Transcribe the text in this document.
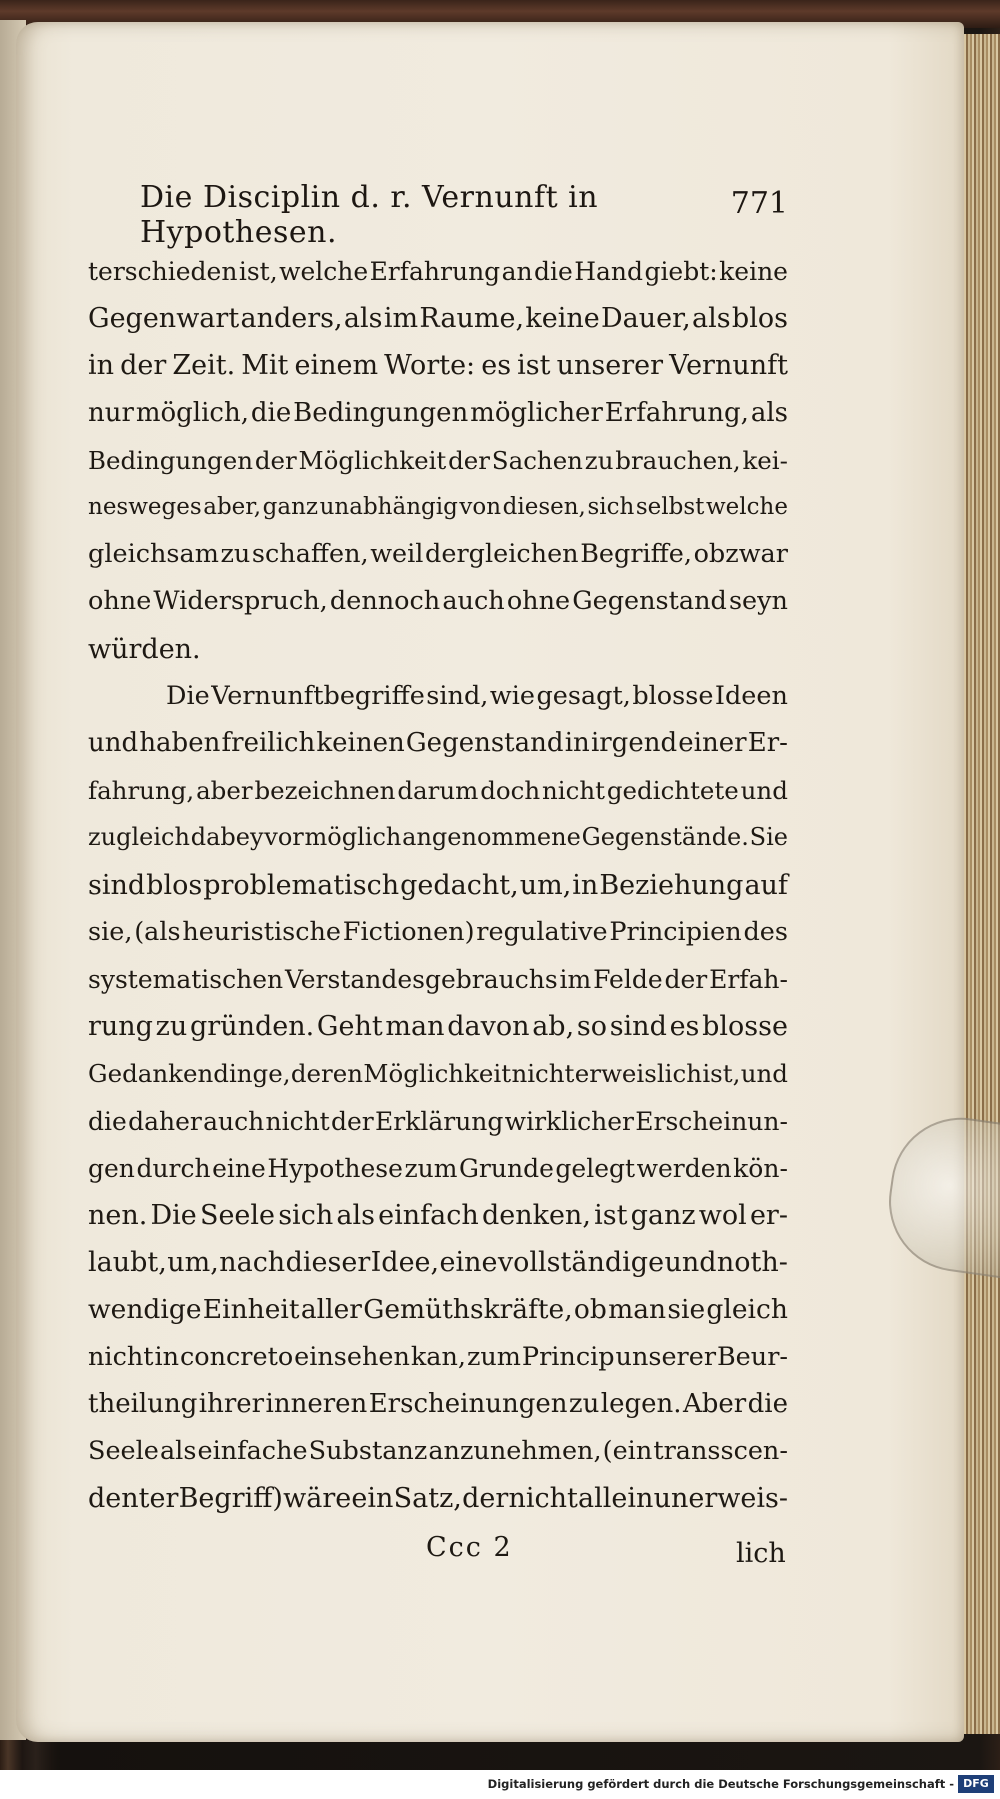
Die Disciplin d. r. Vernunft in Hypothesen.
771
terschieden ist, welche Erfahrung an die Hand giebt: keine
Gegenwart anders, als im Raume, keine Dauer, als blos
in der Zeit. Mit einem Worte: es ist unserer Vernunft
nur möglich, die Bedingungen möglicher Erfahrung, als
Bedingungen der Möglichkeit der Sachen zu brauchen, kei-
nesweges aber, ganz unabhängig von diesen, sich selbst welche
gleichsam zu schaffen, weil dergleichen Begriffe, obzwar
ohne Widerspruch, dennoch auch ohne Gegenstand seyn
würden.
Die Vernunftbegriffe sind, wie gesagt, blosse Ideen
und haben freilich keinen Gegenstand in irgend einer Er-
fahrung, aber bezeichnen darum doch nicht gedichtete und
zugleich dabey vor möglich angenommene Gegenstände. Sie
sind blos problematisch gedacht, um, in Beziehung auf
sie, (als heuristische Fictionen) regulative Principien des
systematischen Verstandesgebrauchs im Felde der Erfah-
rung zu gründen. Geht man davon ab, so sind es blosse
Gedankendinge, deren Möglichkeit nicht erweislich ist, und
die daher auch nicht der Erklärung wirklicher Erscheinun-
gen durch eine Hypothese zum Grunde gelegt werden kön-
nen. Die Seele sich als einfach denken, ist ganz wol er-
laubt, um, nach dieser Idee, eine vollständige und noth-
wendige Einheit aller Gemüthskräfte, ob man sie gleich
nicht in concreto einsehen kan, zum Princip unserer Beur-
theilung ihrer inneren Erscheinungen zu legen. Aber die
Seele als einfache Substanz anzunehmen, (ein transscen-
denter Begriff) wäre ein Satz, der nicht allein unerweis-
Ccc 2	lich
Digitalisierung gefördert durch die Deutsche Forschungsgemeinschaft - DFG
